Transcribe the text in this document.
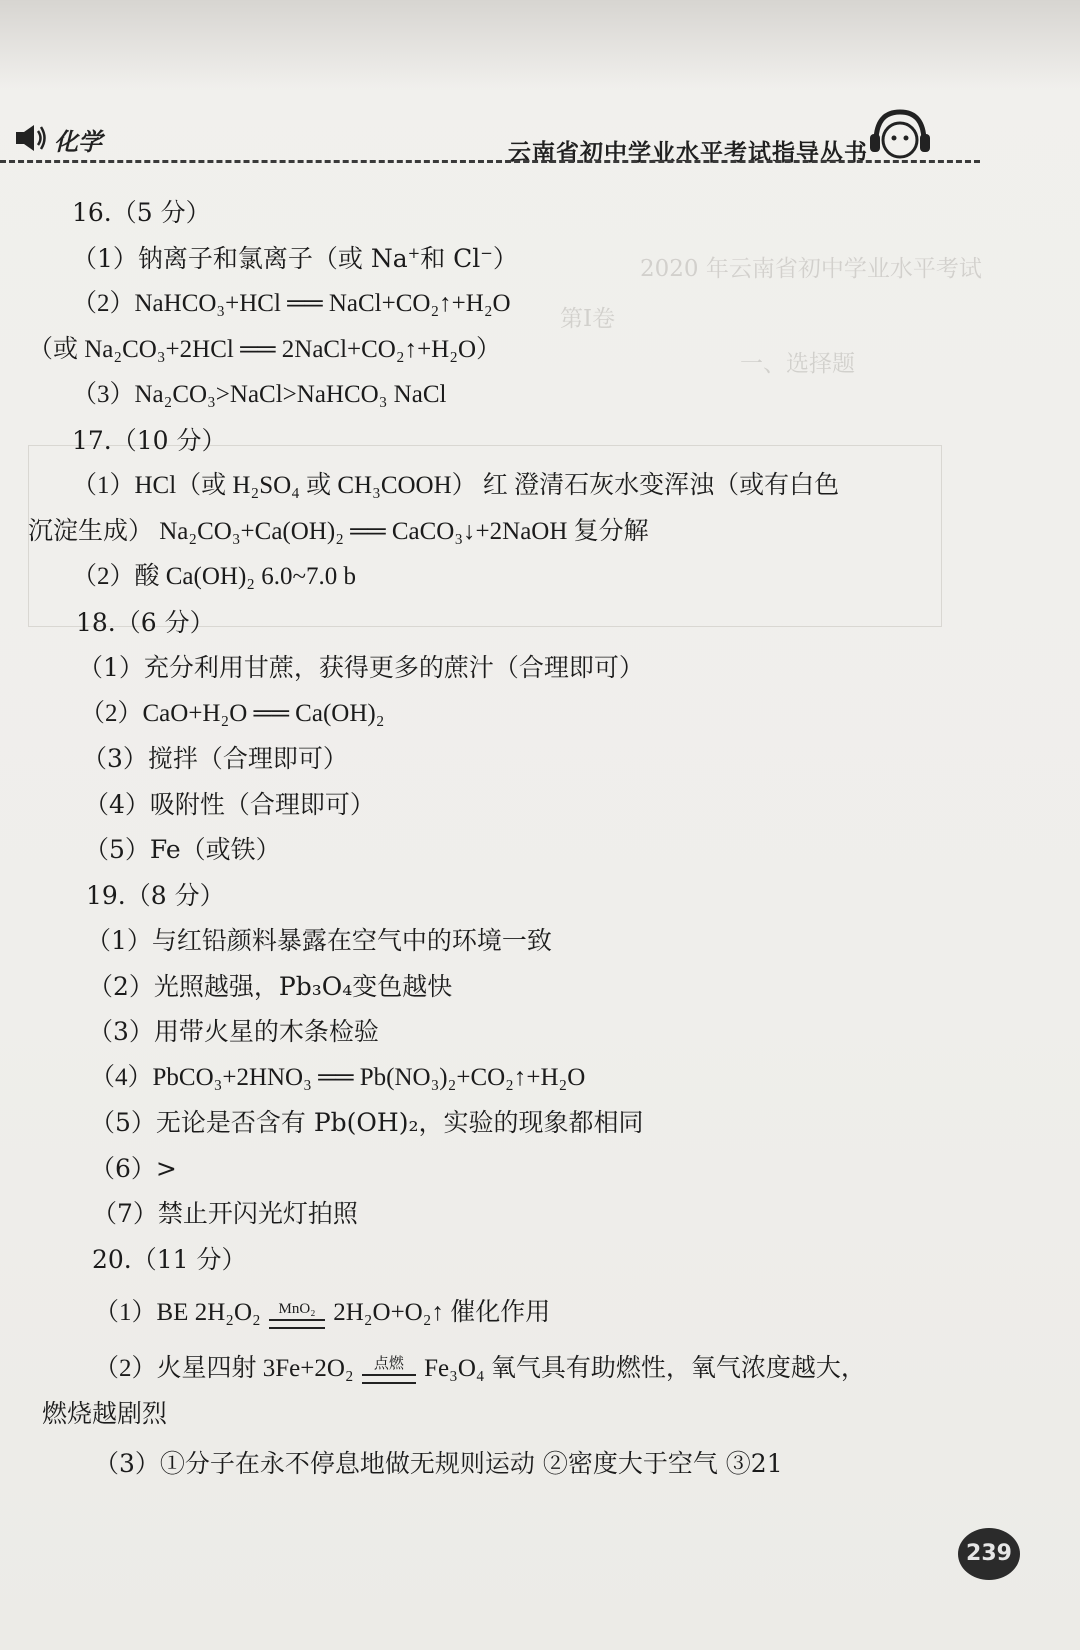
2020 年云南省初中学业水平考试
第Ⅰ卷
一、选择题
化学	云南省初中学业水平考试指导丛书
16.（5 分）
（1）钠离子和氯离子（或 Na+和 Cl−）
（2）NaHCO₃+HCl ══ NaCl+CO₂↑+H₂O
（或 Na₂CO₃+2HCl ══ 2NaCl+CO₂↑+H₂O）
（3）Na₂CO₃>NaCl>NaHCO₃ NaCl
17.（10 分）
（1）HCl（或 H₂SO₄ 或 CH₃COOH） 红 澄清石灰水变浑浊（或有白色
沉淀生成） Na₂CO₃+Ca(OH)₂ ══ CaCO₃↓+2NaOH 复分解
（2）酸 Ca(OH)₂ 6.0~7.0 b
18.（6 分）
（1）充分利用甘蔗，获得更多的蔗汁（合理即可）
（2）CaO+H₂O ══ Ca(OH)₂
（3）搅拌（合理即可）
（4）吸附性（合理即可）
（5）Fe（或铁）
19.（8 分）
（1）与红铅颜料暴露在空气中的环境一致
（2）光照越强，Pb₃O₄变色越快
（3）用带火星的木条检验
（4）PbCO₃+2HNO₃ ══ Pb(NO₃)₂+CO₂↑+H₂O
（5）无论是否含有 Pb(OH)₂，实验的现象都相同
（6）>
（7）禁止开闪光灯拍照
20.（11 分）
（1）BE 2H₂O₂	MnO₂ 2H₂O+O₂↑ 催化作用
（2）火星四射 3Fe+2O₂	点燃 Fe₃O₄ 氧气具有助燃性，氧气浓度越大，
燃烧越剧烈
（3）①分子在永不停息地做无规则运动 ②密度大于空气 ③21
239
